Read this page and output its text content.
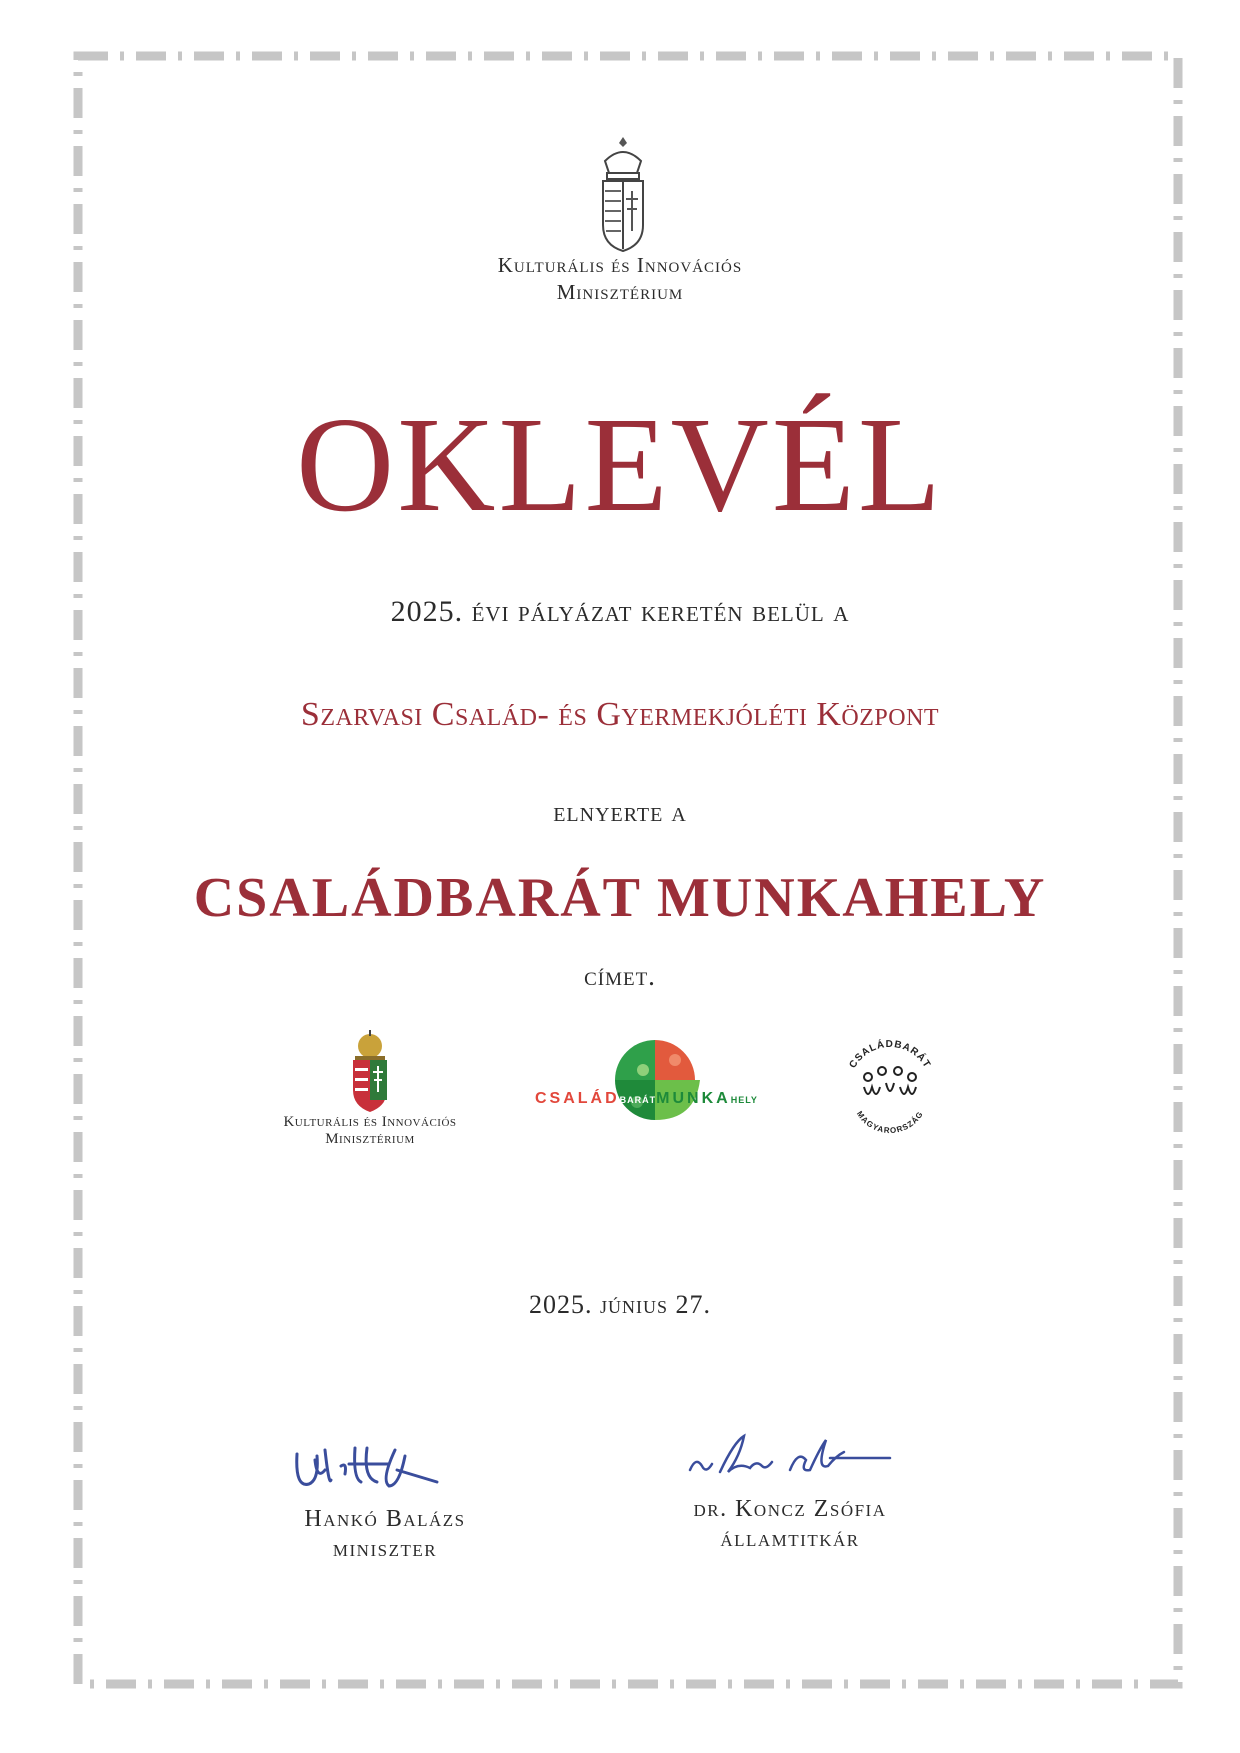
Kulturális és Innovációs
Minisztérium
OKLEVÉL
2025. évi pályázat keretén belül a
Szarvasi Család- és Gyermekjóléti Központ
elnyerte a
CSALÁDBARÁT MUNKAHELY
címet.
Kulturális és Innovációs
Minisztérium
CSALÁDBARÁTMUNKAHELY
CSALÁDBARÁT
MAGYARORSZÁG
2025. június 27.
Hankó Balázs
miniszter
dr. Koncz Zsófia
államtitkár
